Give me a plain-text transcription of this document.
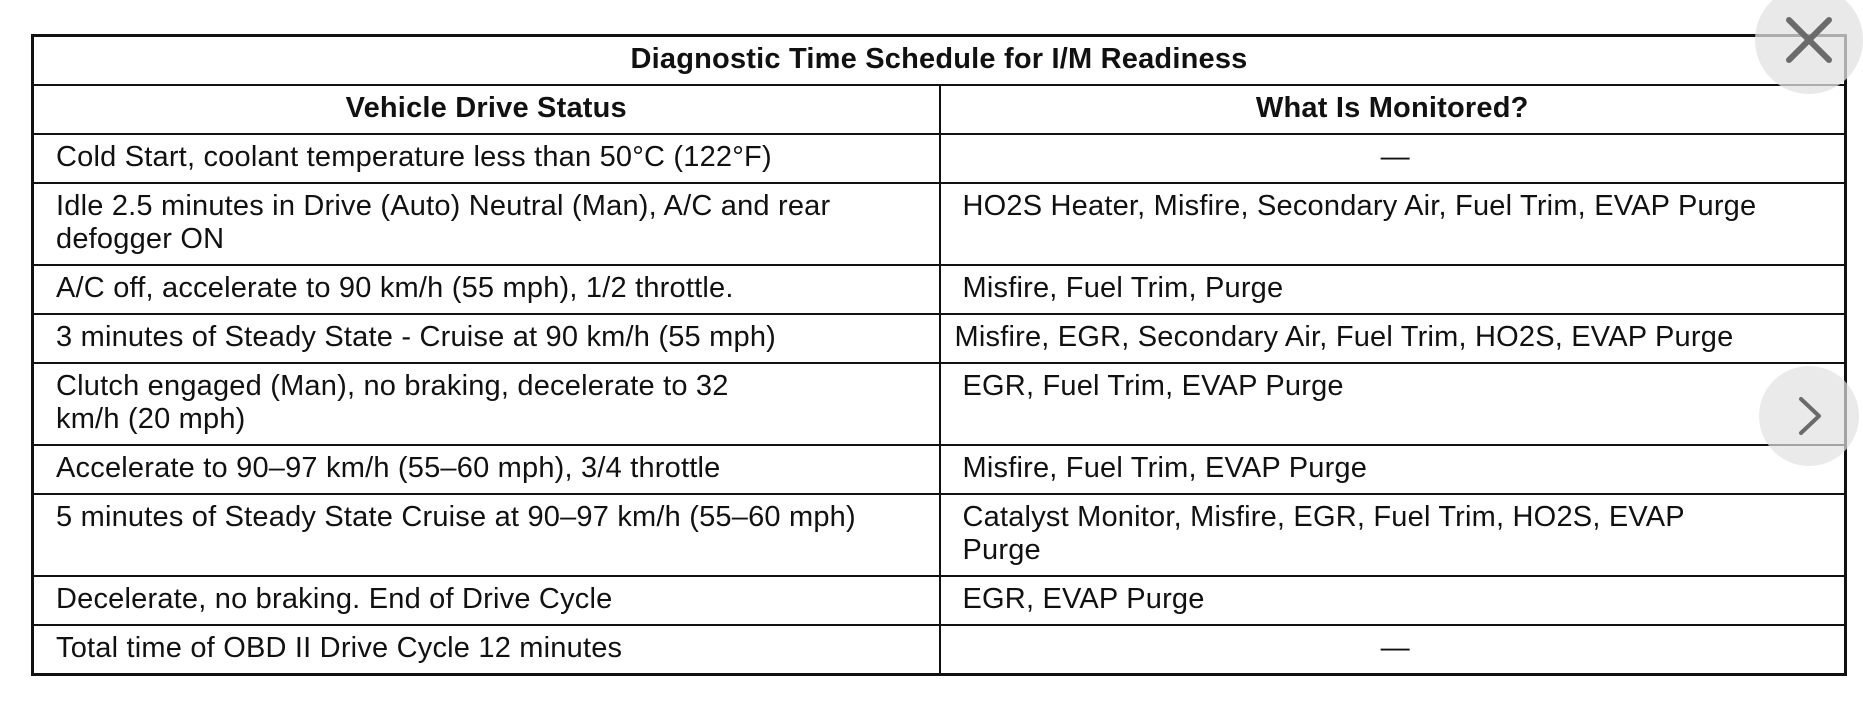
Diagnostic Time Schedule for I/M Readiness	
Vehicle Drive Status	What Is Monitored?
Cold Start, coolant temperature less than 50°C (122°F)	—
Idle 2.5 minutes in Drive (Auto) Neutral (Man), A/C and rear defogger ON	HO2S Heater, Misfire, Secondary Air, Fuel Trim, EVAP Purge
A/C off, accelerate to 90 km/h (55 mph), 1/2 throttle.	Misfire, Fuel Trim, Purge
3 minutes of Steady State - Cruise at 90 km/h (55 mph)	Misfire, EGR, Secondary Air, Fuel Trim, HO2S, EVAP Purge
Clutch engaged (Man), no braking, decelerate to 32 km/h (20 mph)	EGR, Fuel Trim, EVAP Purge
Accelerate to 90–97 km/h (55–60 mph), 3/4 throttle	Misfire, Fuel Trim, EVAP Purge
5 minutes of Steady State Cruise at 90–97 km/h (55–60 mph)	Catalyst Monitor, Misfire, EGR, Fuel Trim, HO2S, EVAP Purge
Decelerate, no braking. End of Drive Cycle	EGR, EVAP Purge
Total time of OBD II Drive Cycle 12 minutes	—
